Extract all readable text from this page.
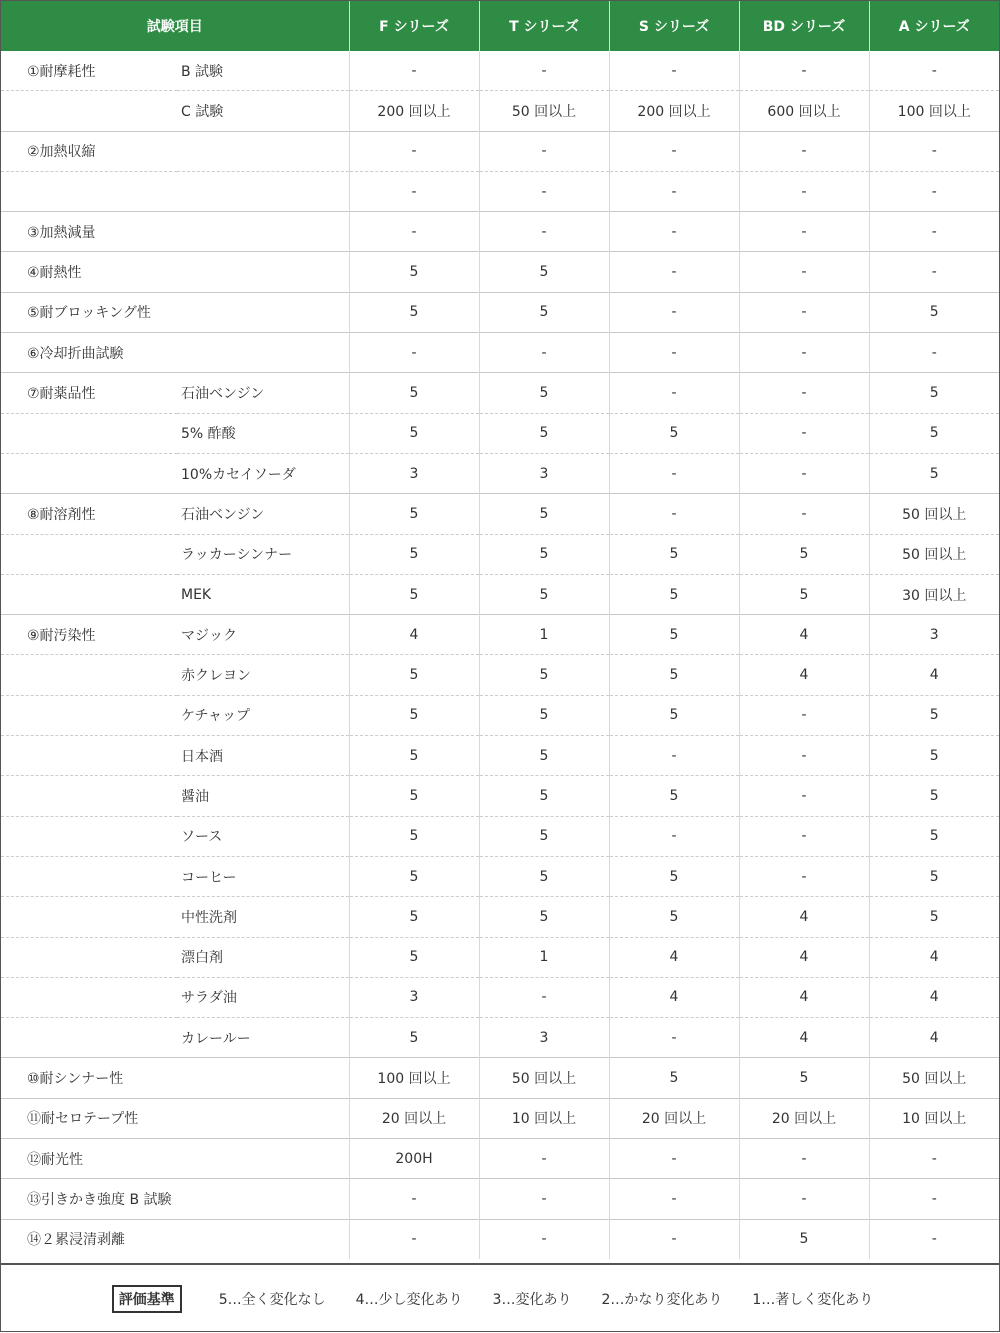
試験項目		F シリーズ	T シリーズ	S シリーズ	BD シリーズ	A シリーズ
①耐摩耗性	B 試験	-	-	-	-	-
	C 試験	200 回以上	50 回以上	200 回以上	600 回以上	100 回以上
②加熱収縮		-	-	-	-	-
		-	-	-	-	-
③加熱減量		-	-	-	-	-
④耐熱性		5	5	-	-	-
⑤耐ブロッキング性		5	5	-	-	5
⑥冷却折曲試験		-	-	-	-	-
⑦耐薬品性	石油ベンジン	5	5	-	-	5
	5% 酢酸	5	5	5	-	5
	10%カセイソーダ	3	3	-	-	5
⑧耐溶剤性	石油ベンジン	5	5	-	-	50 回以上
	ラッカーシンナー	5	5	5	5	50 回以上
	MEK	5	5	5	5	30 回以上
⑨耐汚染性	マジック	4	1	5	4	3
	赤クレヨン	5	5	5	4	4
	ケチャップ	5	5	5	-	5
	日本酒	5	5	-	-	5
	醤油	5	5	5	-	5
	ソース	5	5	-	-	5
	コーヒー	5	5	5	-	5
	中性洗剤	5	5	5	4	5
	漂白剤	5	1	4	4	4
	サラダ油	3	-	4	4	4
	カレールー	5	3	-	4	4
⑩耐シンナー性		100 回以上	50 回以上	5	5	50 回以上
⑪耐セロテープ性		20 回以上	10 回以上	20 回以上	20 回以上	10 回以上
⑫耐光性		200H	-	-	-	-
⑬引きかき強度 B 試験		-	-	-	-	-
⑭２累浸清剥離		-	-	-	5	-
評価基準	5…全く変化なし 4…少し変化あり 3…変化あり 2…かなり変化あり 1…著しく変化あり
